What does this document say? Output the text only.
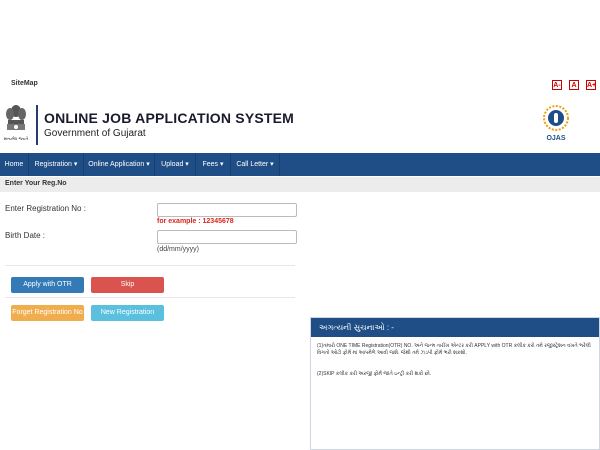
SiteMap	A-	A	A+
સત્યમેવ જયતે
ONLINE JOB APPLICATION SYSTEM
Government of Gujarat	OJAS
Home	Registration ▾	Online Application ▾	Upload ▾	Fees ▾	Call Letter ▾
Enter Your Reg.No
Enter Registration No :
for example : 12345678
Birth Date :
(dd/mm/yyyy)
Apply with OTR	Skip
Forget Registration No	New Registration
અગત્યની સુચનાઓ : -
(1)તમારો ONE TIME Registration(OTR) NO. અને જન્મ તારીખ એન્ટર કરી APPLY with OTR કલીક કરો તમે રજીસ્ટ્રેશન વખતે ભરેલી વિગતો ઓટો ફોર્મ માં આપમેળે આવી જશે. જેથી તમે ઝડપી ફોર્મ ભરી શકશો.
(2)SKIP કલીક કરી અરજી ફોર્મ જાતે ઇન્ટ્રી કરી શકો છો.
